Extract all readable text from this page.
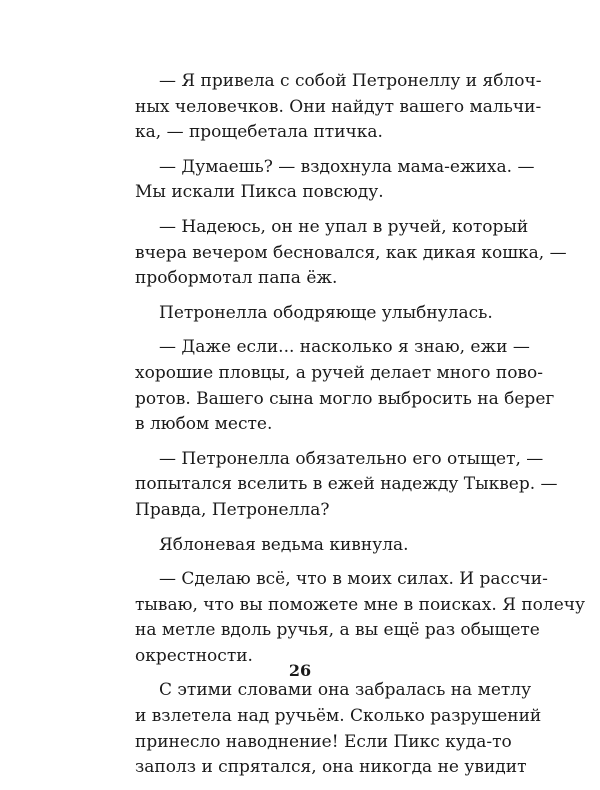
— Я привела с собой Петронеллу и яблоч-
ных человечков. Они найдут вашего мальчи-
ка, — прощебетала птичка.

— Думаешь? — вздохнула мама-ежиха. —
Мы искали Пикса повсюду.

— Надеюсь, он не упал в ручей, который
вчера вечером бесновался, как дикая кошка, —
пробормотал папа ёж.

Петронелла ободряюще улыбнулась.

— Даже если... насколько я знаю, ежи —
хорошие пловцы, а ручей делает много пово-
ротов. Вашего сына могло выбросить на берег
в любом месте.

— Петронелла обязательно его отыщет, —
попытался вселить в ежей надежду Тыквер. —
Правда, Петронелла?

Яблоневая ведьма кивнула.

— Сделаю всё, что в моих силах. И рассчи-
тываю, что вы поможете мне в поисках. Я полечу
на метле вдоль ручья, а вы ещё раз обыщете
окрестности.

С этими словами она забралась на метлу
и взлетела над ручьём. Сколько разрушений
принесло наводнение! Если Пикс куда-то
заполз и спрятался, она никогда не увидит

26
